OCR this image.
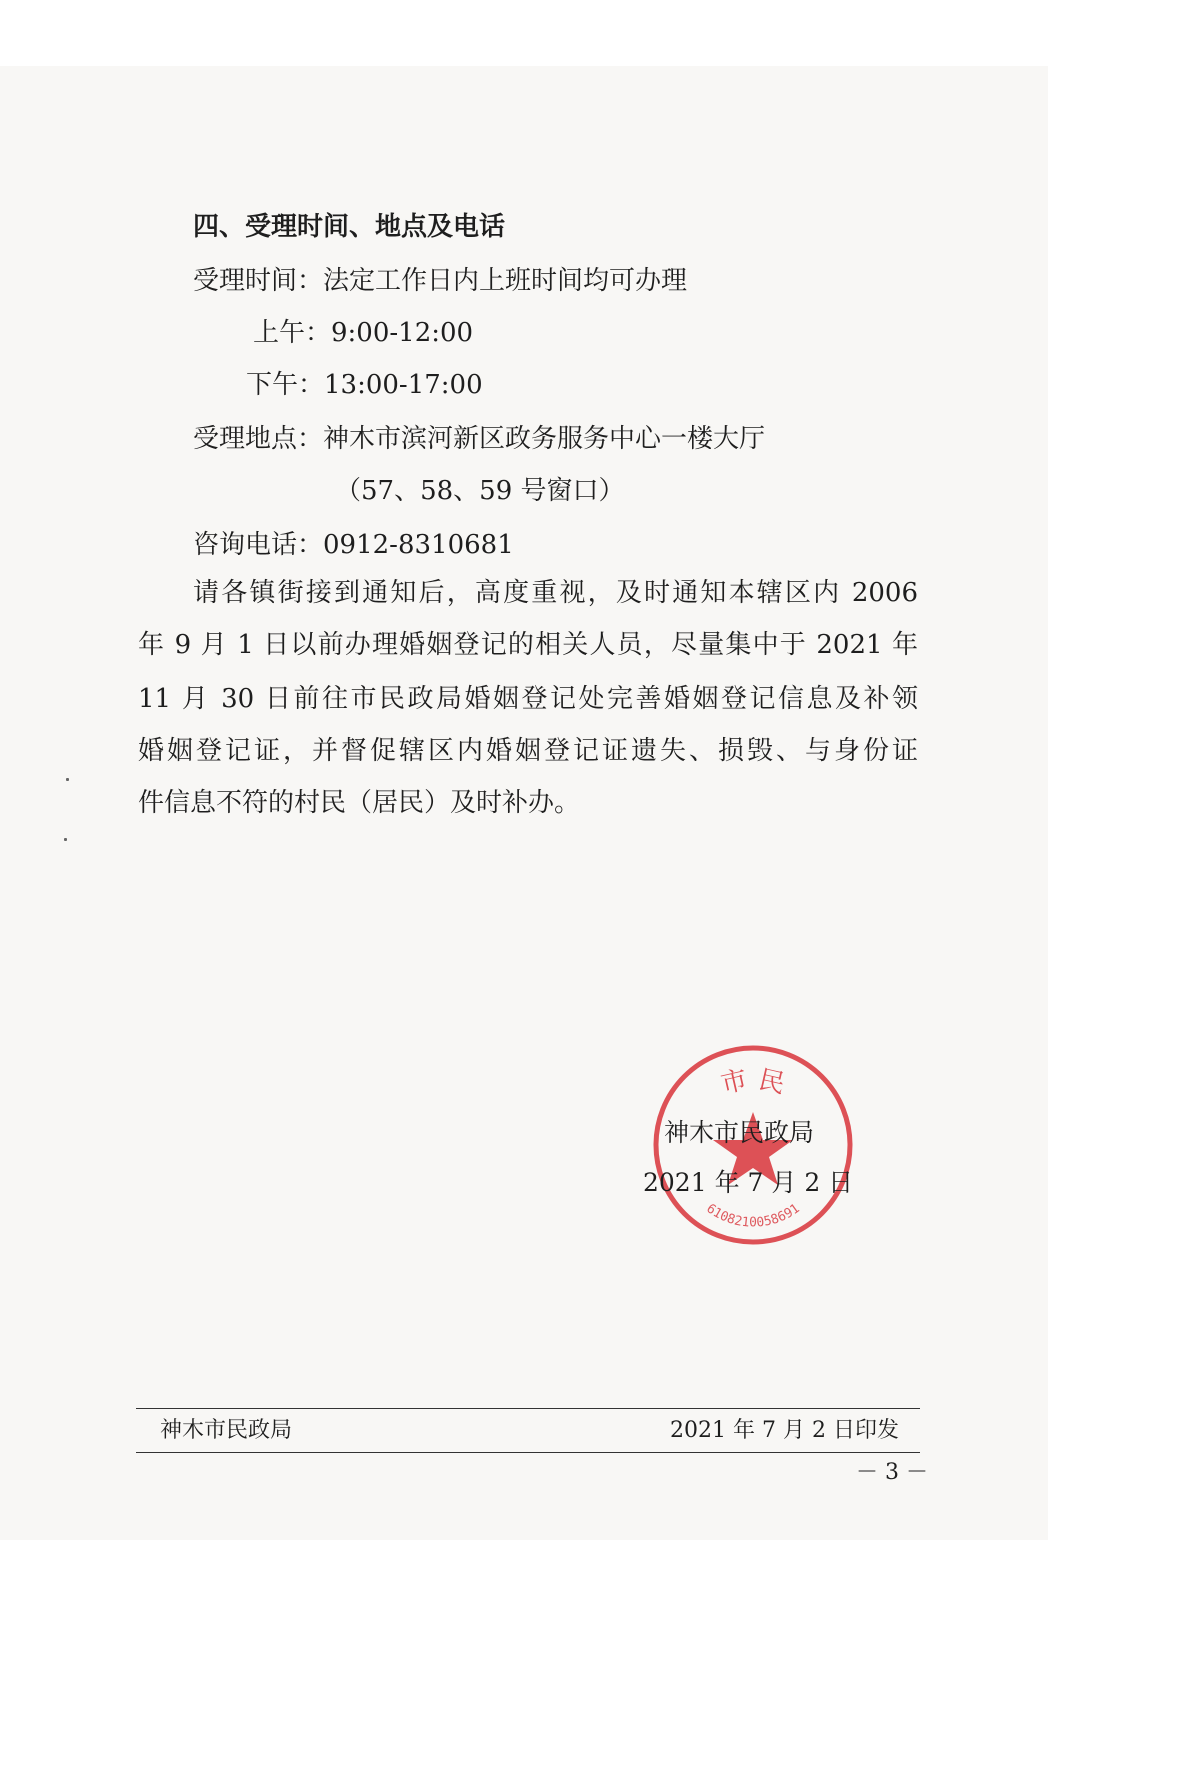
四、受理时间、地点及电话
受理时间：法定工作日内上班时间均可办理
上午：9:00-12:00
下午：13:00-17:00
受理地点：神木市滨河新区政务服务中心一楼大厅
（57、58、59 号窗口）
咨询电话：0912-8310681
请各镇街接到通知后，高度重视，及时通知本辖区内 2006
年 9 月 1 日以前办理婚姻登记的相关人员，尽量集中于 2021 年
11 月 30 日前往市民政局婚姻登记处完善婚姻登记信息及补领
婚姻登记证，并督促辖区内婚姻登记证遗失、损毁、与身份证
件信息不符的村民（居民）及时补办。
市 民
6108210058691
神木市民政局
2021 年 7 月 2 日
神木市民政局	2021 年 7 月 2 日印发
－ 3 －
